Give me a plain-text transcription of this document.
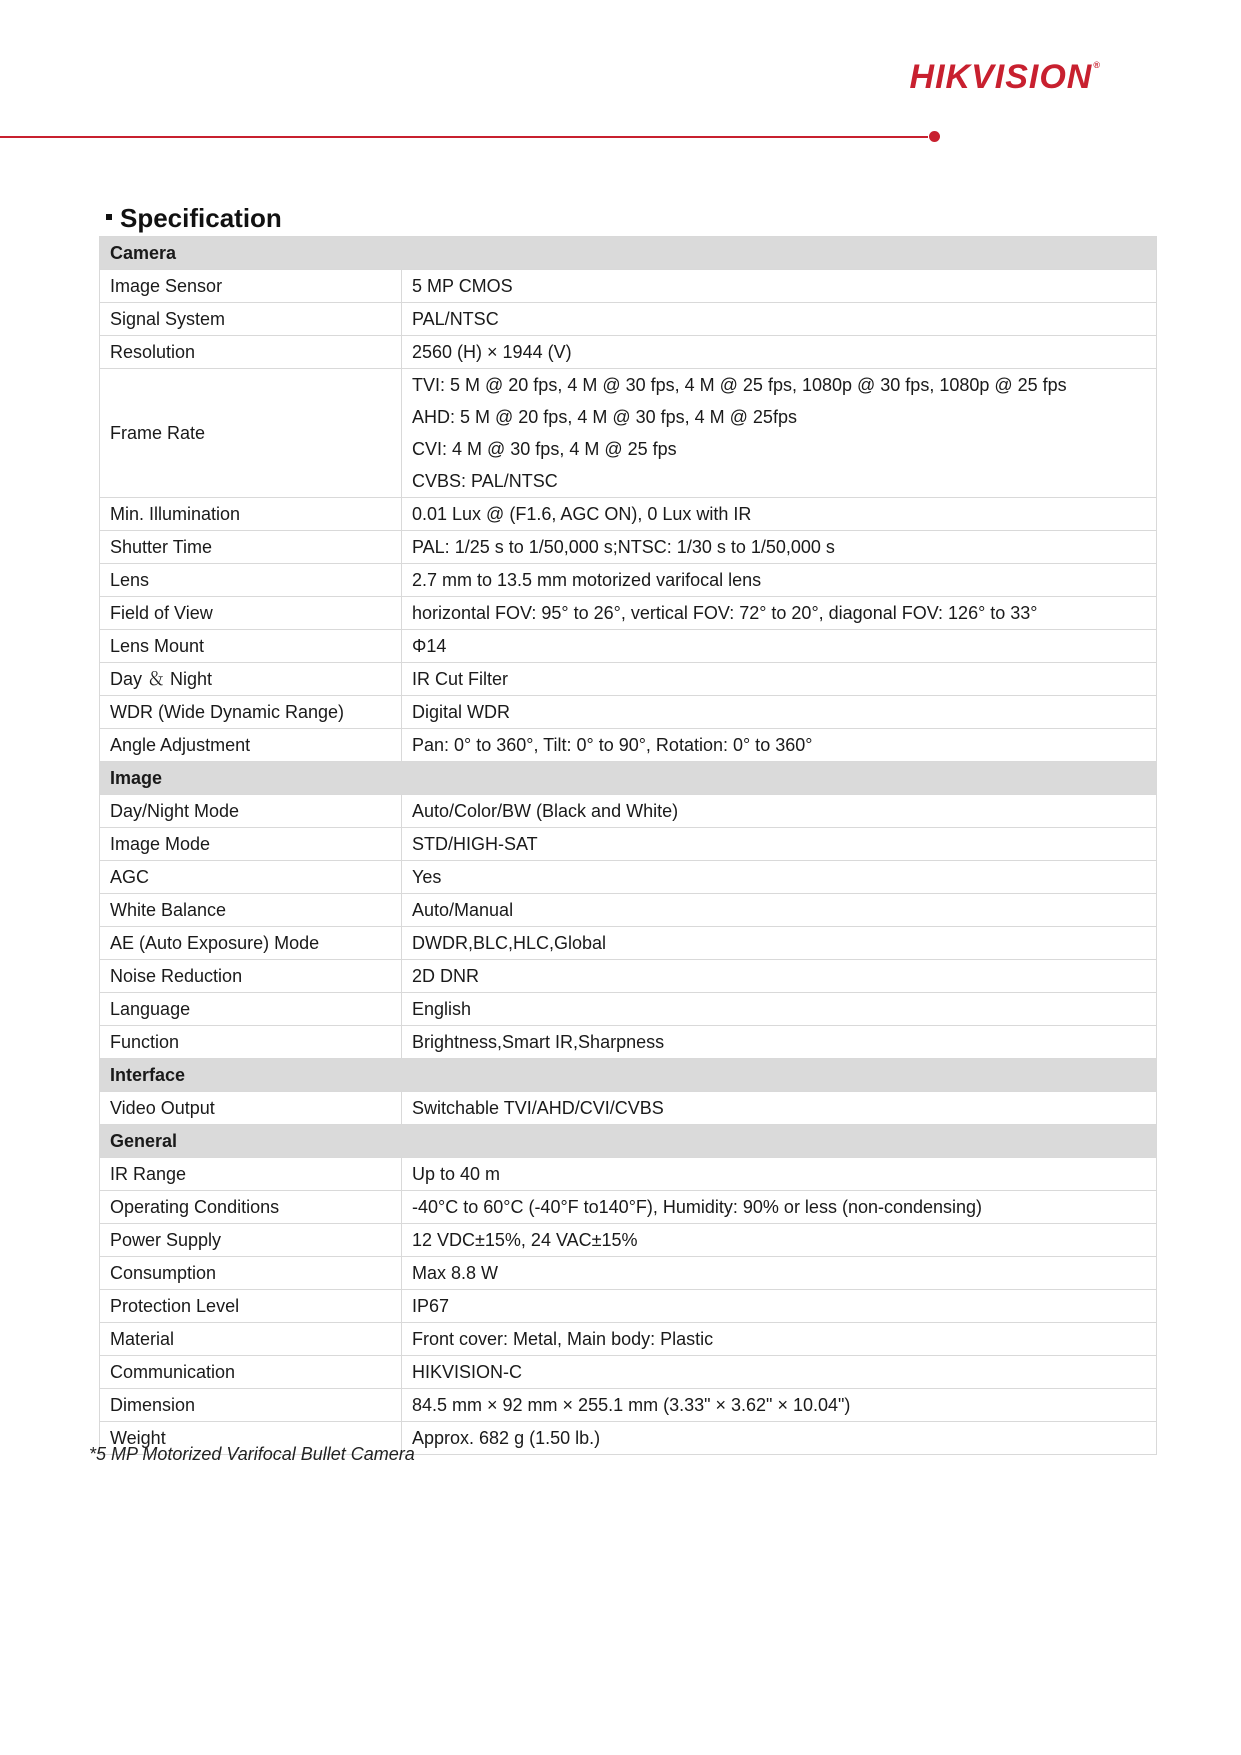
HIKVISION®
Specification
Camera	
Image Sensor	5 MP CMOS
Signal System	PAL/NTSC
Resolution	2560 (H) × 1944 (V)
Frame Rate	TVI: 5 M @ 20 fps, 4 M @ 30 fps, 4 M @ 25 fps, 1080p @ 30 fps, 1080p @ 25 fps
AHD: 5 M @ 20 fps, 4 M @ 30 fps, 4 M @ 25fps
CVI: 4 M @ 30 fps, 4 M @ 25 fps
CVBS: PAL/NTSC

Min. Illumination	0.01 Lux @ (F1.6, AGC ON), 0 Lux with IR
Shutter Time	PAL: 1/25 s to 1/50,000 s;NTSC: 1/30 s to 1/50,000 s
Lens	2.7 mm to 13.5 mm motorized varifocal lens
Field of View	horizontal FOV: 95° to 26°, vertical FOV: 72° to 20°, diagonal FOV: 126° to 33°
Lens Mount	Φ14
Day ＆ Night	IR Cut Filter
WDR (Wide Dynamic Range)	Digital WDR
Angle Adjustment	Pan: 0° to 360°, Tilt: 0° to 90°, Rotation: 0° to 360°
Image	
Day/Night Mode	Auto/Color/BW (Black and White)
Image Mode	STD/HIGH-SAT
AGC	Yes
White Balance	Auto/Manual
AE (Auto Exposure) Mode	DWDR,BLC,HLC,Global
Noise Reduction	2D DNR
Language	English
Function	Brightness,Smart IR,Sharpness
Interface	
Video Output	Switchable TVI/AHD/CVI/CVBS
General	
IR Range	Up to 40 m
Operating Conditions	-40°C to 60°C (-40°F to140°F), Humidity: 90% or less (non-condensing)
Power Supply	12 VDC±15%, 24 VAC±15%
Consumption	Max 8.8 W
Protection Level	IP67
Material	Front cover: Metal, Main body: Plastic
Communication	HIKVISION-C
Dimension	84.5 mm × 92 mm × 255.1 mm (3.33" × 3.62" × 10.04")
Weight	Approx. 682 g (1.50 lb.)
*5 MP Motorized Varifocal Bullet Camera
